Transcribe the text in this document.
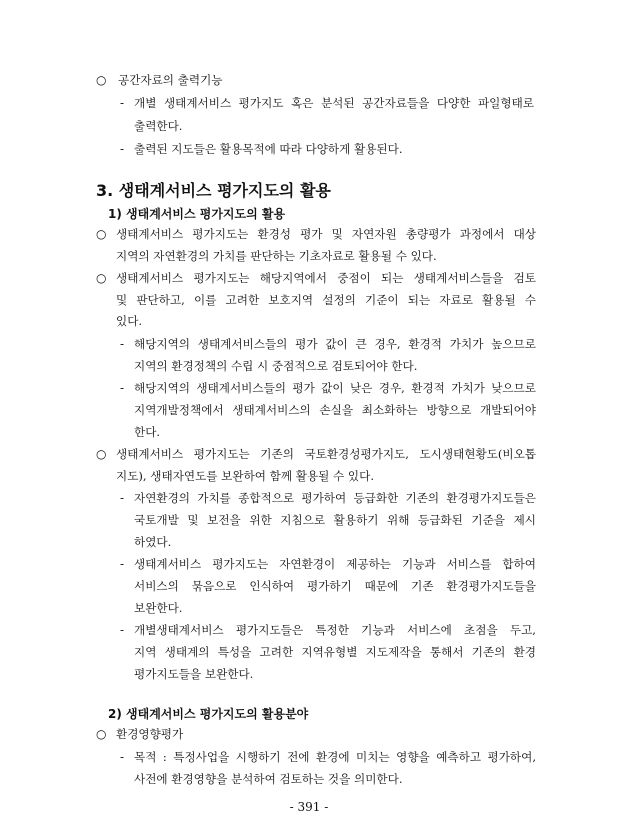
○ 공간자료의 출력기능
- 개별 생태계서비스 평가지도 혹은 분석된 공간자료들을 다양한 파일형태로
출력한다.
- 출력된 지도들은 활용목적에 따라 다양하게 활용된다.
3. 생태계서비스 평가지도의 활용
1) 생태계서비스 평가지도의 활용
○ 생태계서비스 평가지도는 환경성 평가 및 자연자원 총량평가 과정에서 대상
지역의 자연환경의 가치를 판단하는 기초자료로 활용될 수 있다.
○ 생태계서비스 평가지도는 해당지역에서 중점이 되는 생태계서비스들을 검토
및 판단하고, 이를 고려한 보호지역 설정의 기준이 되는 자료로 활용될 수
있다.
- 해당지역의 생태계서비스들의 평가 값이 큰 경우, 환경적 가치가 높으므로
지역의 환경정책의 수립 시 중점적으로 검토되어야 한다.
- 해당지역의 생태계서비스들의 평가 값이 낮은 경우, 환경적 가치가 낮으므로
지역개발정책에서 생태계서비스의 손실을 최소화하는 방향으로 개발되어야
한다.
○ 생태계서비스 평가지도는 기존의 국토환경성평가지도, 도시생태현황도(비오톱
지도), 생태자연도를 보완하여 함께 활용될 수 있다.
- 자연환경의 가치를 종합적으로 평가하여 등급화한 기존의 환경평가지도들은
국토개발 및 보전을 위한 지침으로 활용하기 위해 등급화된 기준을 제시
하였다.
- 생태계서비스 평가지도는 자연환경이 제공하는 기능과 서비스를 합하여
서비스의 묶음으로 인식하여 평가하기 때문에 기존 환경평가지도들을
보완한다.
- 개별생태계서비스 평가지도들은 특정한 기능과 서비스에 초점을 두고,
지역 생태계의 특성을 고려한 지역유형별 지도제작을 통해서 기존의 환경
평가지도들을 보완한다.
2) 생태계서비스 평가지도의 활용분야
○ 환경영향평가
- 목적 : 특정사업을 시행하기 전에 환경에 미치는 영향을 예측하고 평가하여,
사전에 환경영향을 분석하여 검토하는 것을 의미한다.
- 391 -
